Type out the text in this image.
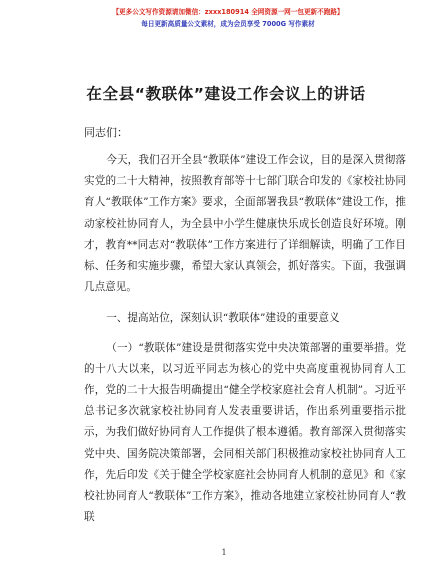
【更多公文写作资源请加微信：zxxx180914 全网资源一网一包更新不跑路】
每日更新高质量公文素材，成为会员享受 7000G 写作素材
在全县“教联体”建设工作会议上的讲话
同志们：

今天，我们召开全县“教联体”建设工作会议，目的是深入贯彻落实党的二十大精神，按照教育部等十七部门联合印发的《家校社协同育人“教联体”工作方案》要求，全面部署我县“教联体”建设工作，推动家校社协同育人，为全县中小学生健康快乐成长创造良好环境。刚才，教育**同志对“教联体”工作方案进行了详细解读，明确了工作目标、任务和实施步骤，希望大家认真领会，抓好落实。下面，我强调几点意见。

一、提高站位，深刻认识“教联体”建设的重要意义

（一）“教联体”建设是贯彻落实党中央决策部署的重要举措。党的十八大以来，以习近平同志为核心的党中央高度重视协同育人工作，党的二十大报告明确提出“健全学校家庭社会育人机制”。习近平总书记多次就家校社协同育人发表重要讲话，作出系列重要指示批示，为我们做好协同育人工作提供了根本遵循。教育部深入贯彻落实党中央、国务院决策部署，会同相关部门积极推动家校社协同育人工作，先后印发《关于健全学校家庭社会协同育人机制的意见》和《家校社协同育人“教联体”工作方案》，推动各地建立家校社协同育人“教联

1
